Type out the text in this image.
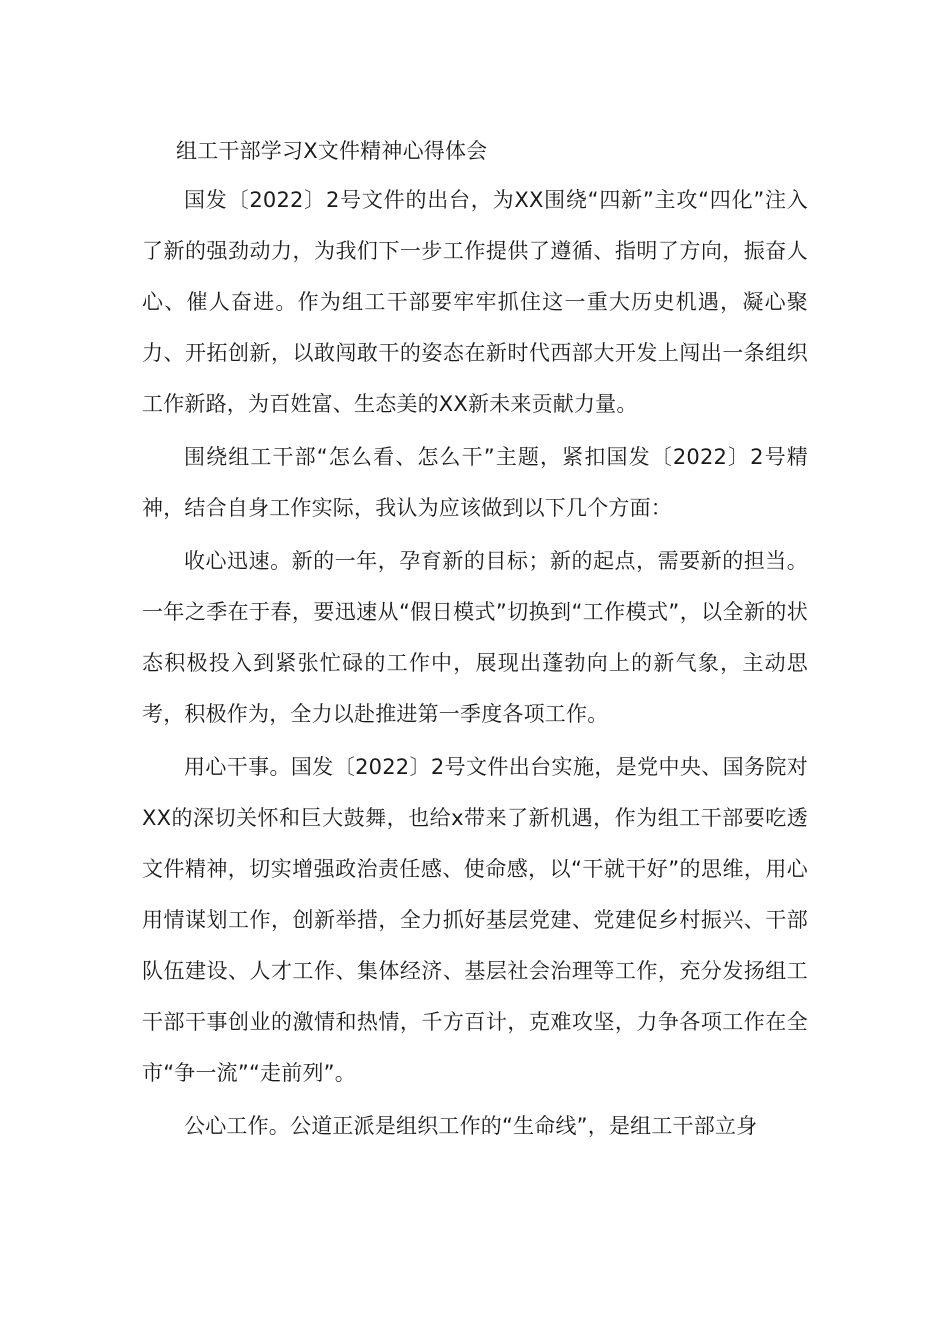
组工干部学习X文件精神心得体会

国发〔2022〕2号文件的出台，为XX围绕“四新”主攻“四化”注入了新的强劲动力，为我们下一步工作提供了遵循、指明了方向，振奋人心、催人奋进。作为组工干部要牢牢抓住这一重大历史机遇，凝心聚力、开拓创新，以敢闯敢干的姿态在新时代西部大开发上闯出一条组织工作新路，为百姓富、生态美的XX新未来贡献力量。

围绕组工干部“怎么看、怎么干”主题，紧扣国发〔2022〕2号精神，结合自身工作实际，我认为应该做到以下几个方面：

收心迅速。新的一年，孕育新的目标；新的起点，需要新的担当。一年之季在于春，要迅速从“假日模式”切换到“工作模式”，以全新的状态积极投入到紧张忙碌的工作中，展现出蓬勃向上的新气象，主动思考，积极作为，全力以赴推进第一季度各项工作。

用心干事。国发〔2022〕2号文件出台实施，是党中央、国务院对XX的深切关怀和巨大鼓舞，也给x带来了新机遇，作为组工干部要吃透文件精神，切实增强政治责任感、使命感，以“干就干好”的思维，用心用情谋划工作，创新举措，全力抓好基层党建、党建促乡村振兴、干部队伍建设、人才工作、集体经济、基层社会治理等工作，充分发扬组工干部干事创业的激情和热情，千方百计，克难攻坚，力争各项工作在全市“争一流”“走前列”。

公心工作。公道正派是组织工作的“生命线”，是组工干部立身
